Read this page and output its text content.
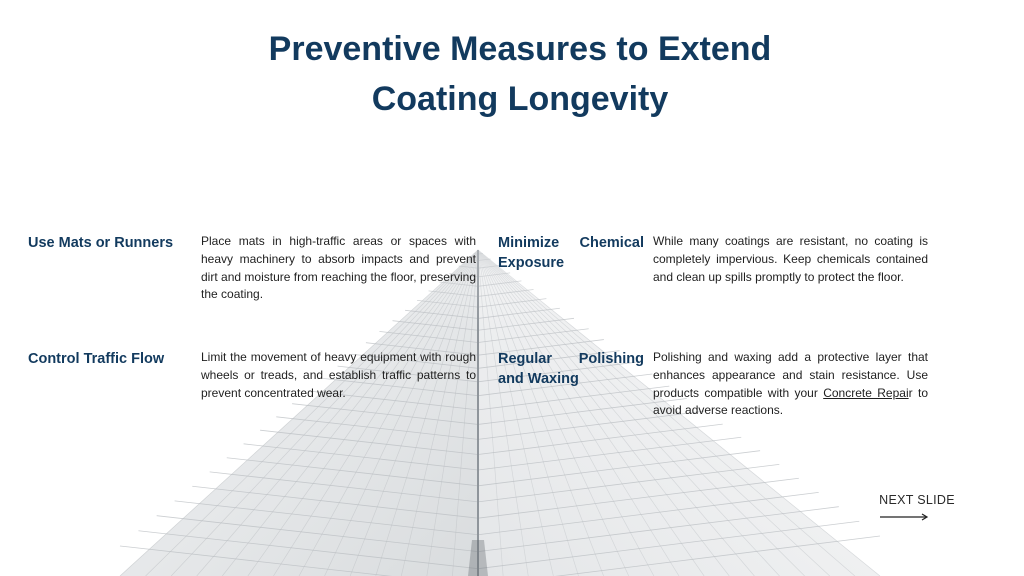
Preventive Measures to Extend
Coating Longevity
Use Mats or Runners	Place mats in high-traffic areas or spaces with heavy machinery to absorb impacts and prevent dirt and moisture from reaching the floor, preserving the coating.

Minimize Chemical Exposure

While many coatings are resistant, no coating is completely impervious. Keep chemicals contained and clean up spills promptly to protect the floor.

Control Traffic Flow	Limit the movement of heavy equipment with rough wheels or treads, and establish traffic patterns to prevent concentrated wear.

Regular Polishing and Waxing

Polishing and waxing add a protective layer that enhances appearance and stain resistance. Use products compatible with your Concrete Repair to avoid adverse reactions.

NEXT SLIDE
